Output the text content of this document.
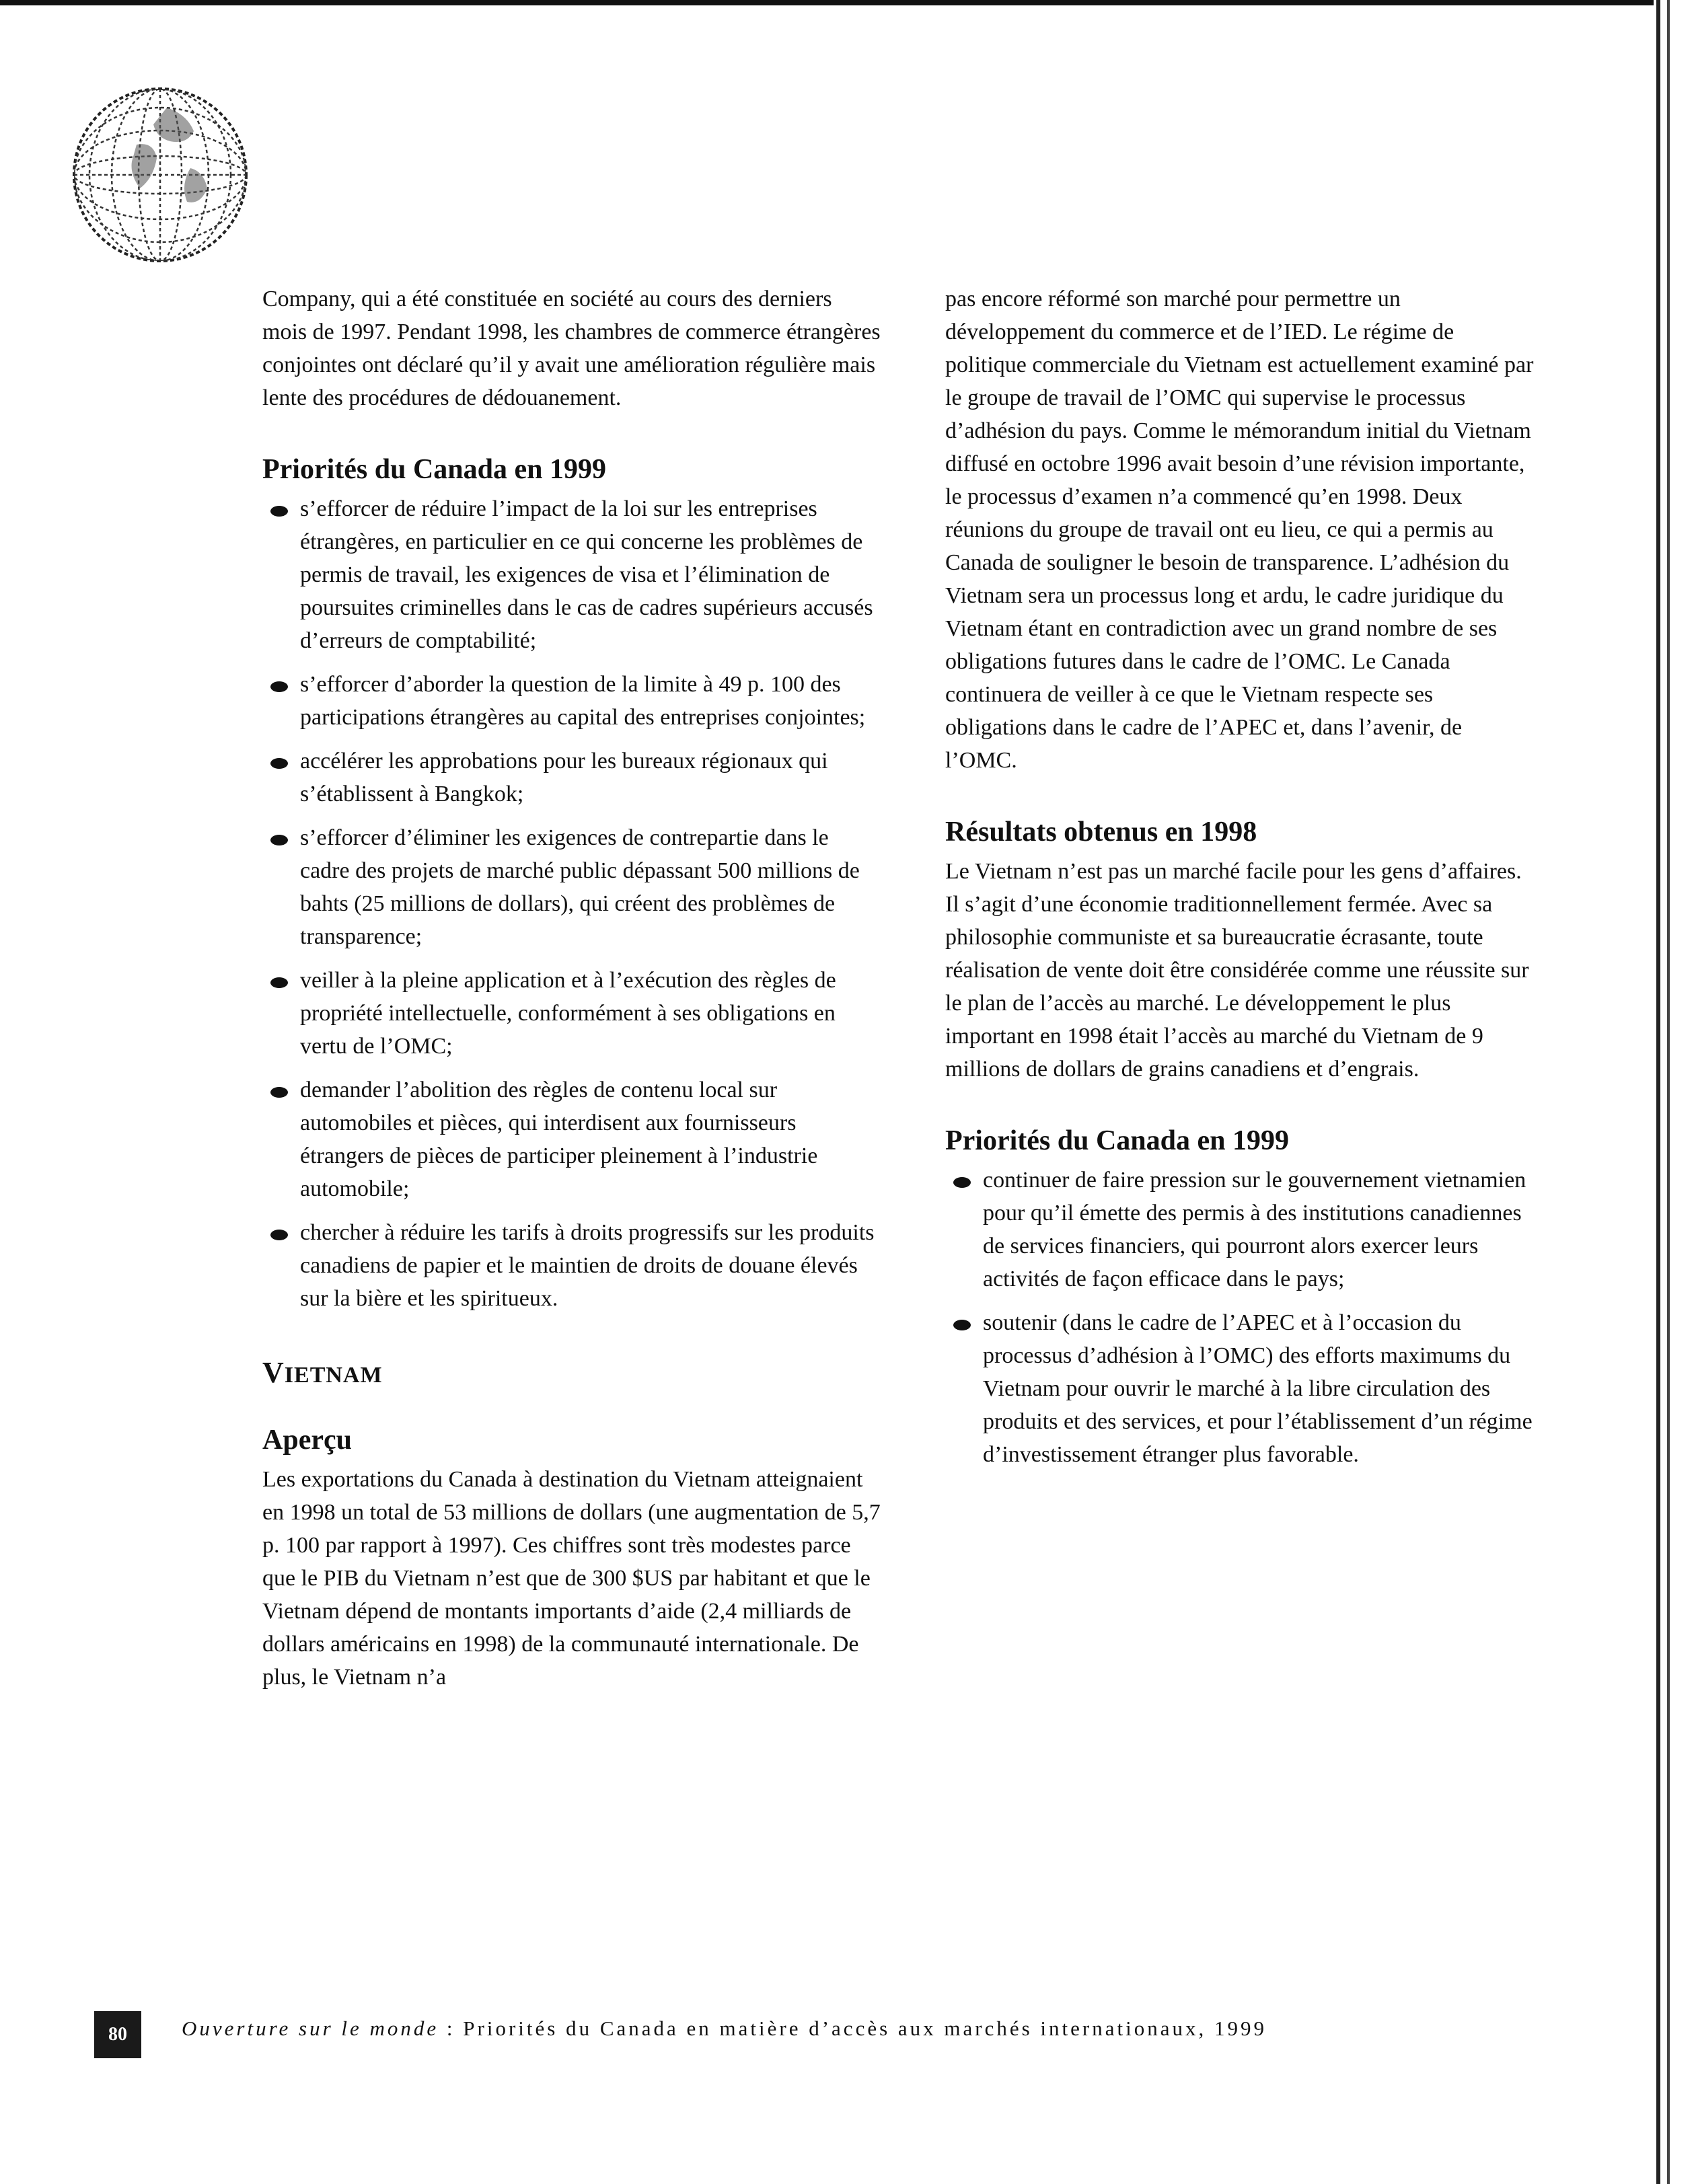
Company, qui a été constituée en société au cours des derniers mois de 1997. Pendant 1998, les chambres de commerce étrangères conjointes ont déclaré qu’il y avait une amélioration régulière mais lente des procédures de dédouanement.

Priorités du Canada en 1999
s’efforcer de réduire l’impact de la loi sur les entreprises étrangères, en particulier en ce qui concerne les problèmes de permis de travail, les exigences de visa et l’élimination de poursuites criminelles dans le cas de cadres supérieurs accusés d’erreurs de comptabilité;
s’efforcer d’aborder la question de la limite à 49 p. 100 des participations étrangères au capital des entreprises conjointes;
accélérer les approbations pour les bureaux régionaux qui s’établissent à Bangkok;
s’efforcer d’éliminer les exigences de contrepartie dans le cadre des projets de marché public dépassant 500 millions de bahts (25 millions de dollars), qui créent des problèmes de transparence;
veiller à la pleine application et à l’exécution des règles de propriété intellectuelle, conformément à ses obligations en vertu de l’OMC;
demander l’abolition des règles de contenu local sur automobiles et pièces, qui interdisent aux fournisseurs étrangers de pièces de participer pleinement à l’industrie automobile;
chercher à réduire les tarifs à droits progressifs sur les produits canadiens de papier et le maintien de droits de douane élevés sur la bière et les spiritueux.
VIETNAM
Aperçu

Les exportations du Canada à destination du Vietnam atteignaient en 1998 un total de 53 millions de dollars (une augmentation de 5,7 p. 100 par rapport à 1997). Ces chiffres sont très modestes parce que le PIB du Vietnam n’est que de 300 $US par habitant et que le Vietnam dépend de montants importants d’aide (2,4 milliards de dollars américains en 1998) de la communauté internationale. De plus, le Vietnam n’a

pas encore réformé son marché pour permettre un développement du commerce et de l’IED. Le régime de politique commerciale du Vietnam est actuellement examiné par le groupe de travail de l’OMC qui supervise le processus d’adhésion du pays. Comme le mémorandum initial du Vietnam diffusé en octobre 1996 avait besoin d’une révision importante, le processus d’examen n’a commencé qu’en 1998. Deux réunions du groupe de travail ont eu lieu, ce qui a permis au Canada de souligner le besoin de transparence. L’adhésion du Vietnam sera un processus long et ardu, le cadre juridique du Vietnam étant en contradiction avec un grand nombre de ses obligations futures dans le cadre de l’OMC. Le Canada continuera de veiller à ce que le Vietnam respecte ses obligations dans le cadre de l’APEC et, dans l’avenir, de l’OMC.

Résultats obtenus en 1998

Le Vietnam n’est pas un marché facile pour les gens d’affaires. Il s’agit d’une économie traditionnellement fermée. Avec sa philosophie communiste et sa bureaucratie écrasante, toute réalisation de vente doit être considérée comme une réussite sur le plan de l’accès au marché. Le développement le plus important en 1998 était l’accès au marché du Vietnam de 9 millions de dollars de grains canadiens et d’engrais.

Priorités du Canada en 1999
continuer de faire pression sur le gouvernement vietnamien pour qu’il émette des permis à des institutions canadiennes de services financiers, qui pourront alors exercer leurs activités de façon efficace dans le pays;
soutenir (dans le cadre de l’APEC et à l’occasion du processus d’adhésion à l’OMC) des efforts maximums du Vietnam pour ouvrir le marché à la libre circulation des produits et des services, et pour l’établissement d’un régime d’investissement étranger plus favorable.
80	Ouverture sur le monde : Priorités du Canada en matière d’accès aux marchés internationaux, 1999
